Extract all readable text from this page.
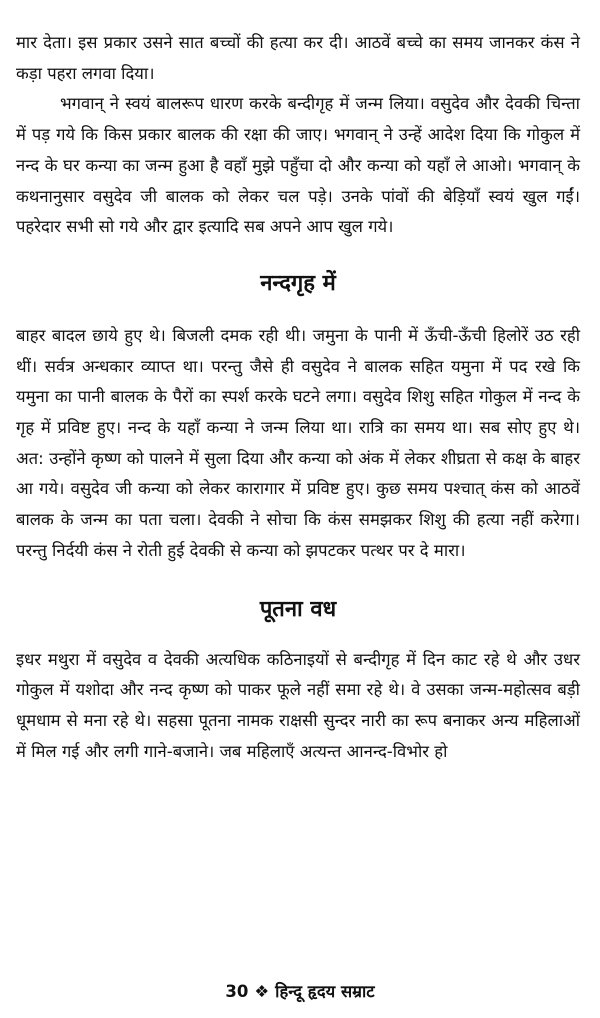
मार देता। इस प्रकार उसने सात बच्चों की हत्या कर दी। आठवें बच्चे का समय जानकर कंस ने कड़ा पहरा लगवा दिया।

भगवान् ने स्वयं बालरूप धारण करके बन्दीगृह में जन्म लिया। वसुदेव और देवकी चिन्ता में पड़ गये कि किस प्रकार बालक की रक्षा की जाए। भगवान् ने उन्हें आदेश दिया कि गोकुल में नन्द के घर कन्या का जन्म हुआ है वहाँ मुझे पहुँचा दो और कन्या को यहाँ ले आओ। भगवान् के कथनानुसार वसुदेव जी बालक को लेकर चल पड़े। उनके पांवों की बेड़ियाँ स्वयं खुल गईं। पहरेदार सभी सो गये और द्वार इत्यादि सब अपने आप खुल गये।

नन्दगृह में

बाहर बादल छाये हुए थे। बिजली दमक रही थी। जमुना के पानी में ऊँची-ऊँची हिलोरें उठ रही थीं। सर्वत्र अन्धकार व्याप्त था। परन्तु जैसे ही वसुदेव ने बालक सहित यमुना में पद रखे कि यमुना का पानी बालक के पैरों का स्पर्श करके घटने लगा। वसुदेव शिशु सहित गोकुल में नन्द के गृह में प्रविष्ट हुए। नन्द के यहाँ कन्या ने जन्म लिया था। रात्रि का समय था। सब सोए हुए थे। अत: उन्होंने कृष्ण को पालने में सुला दिया और कन्या को अंक में लेकर शीघ्रता से कक्ष के बाहर आ गये। वसुदेव जी कन्या को लेकर कारागार में प्रविष्ट हुए। कुछ समय पश्चात् कंस को आठवें बालक के जन्म का पता चला। देवकी ने सोचा कि कंस समझकर शिशु की हत्या नहीं करेगा। परन्तु निर्दयी कंस ने रोती हुई देवकी से कन्या को झपटकर पत्थर पर दे मारा।

पूतना वध

इधर मथुरा में वसुदेव व देवकी अत्यधिक कठिनाइयों से बन्दीगृह में दिन काट रहे थे और उधर गोकुल में यशोदा और नन्द कृष्ण को पाकर फूले नहीं समा रहे थे। वे उसका जन्म-महोत्सव बड़ी धूमधाम से मना रहे थे। सहसा पूतना नामक राक्षसी सुन्दर नारी का रूप बनाकर अन्य महिलाओं में मिल गई और लगी गाने-बजाने। जब महिलाएँ अत्यन्त आनन्द-विभोर हो

30 ❖ हिन्दू हृदय सम्राट
